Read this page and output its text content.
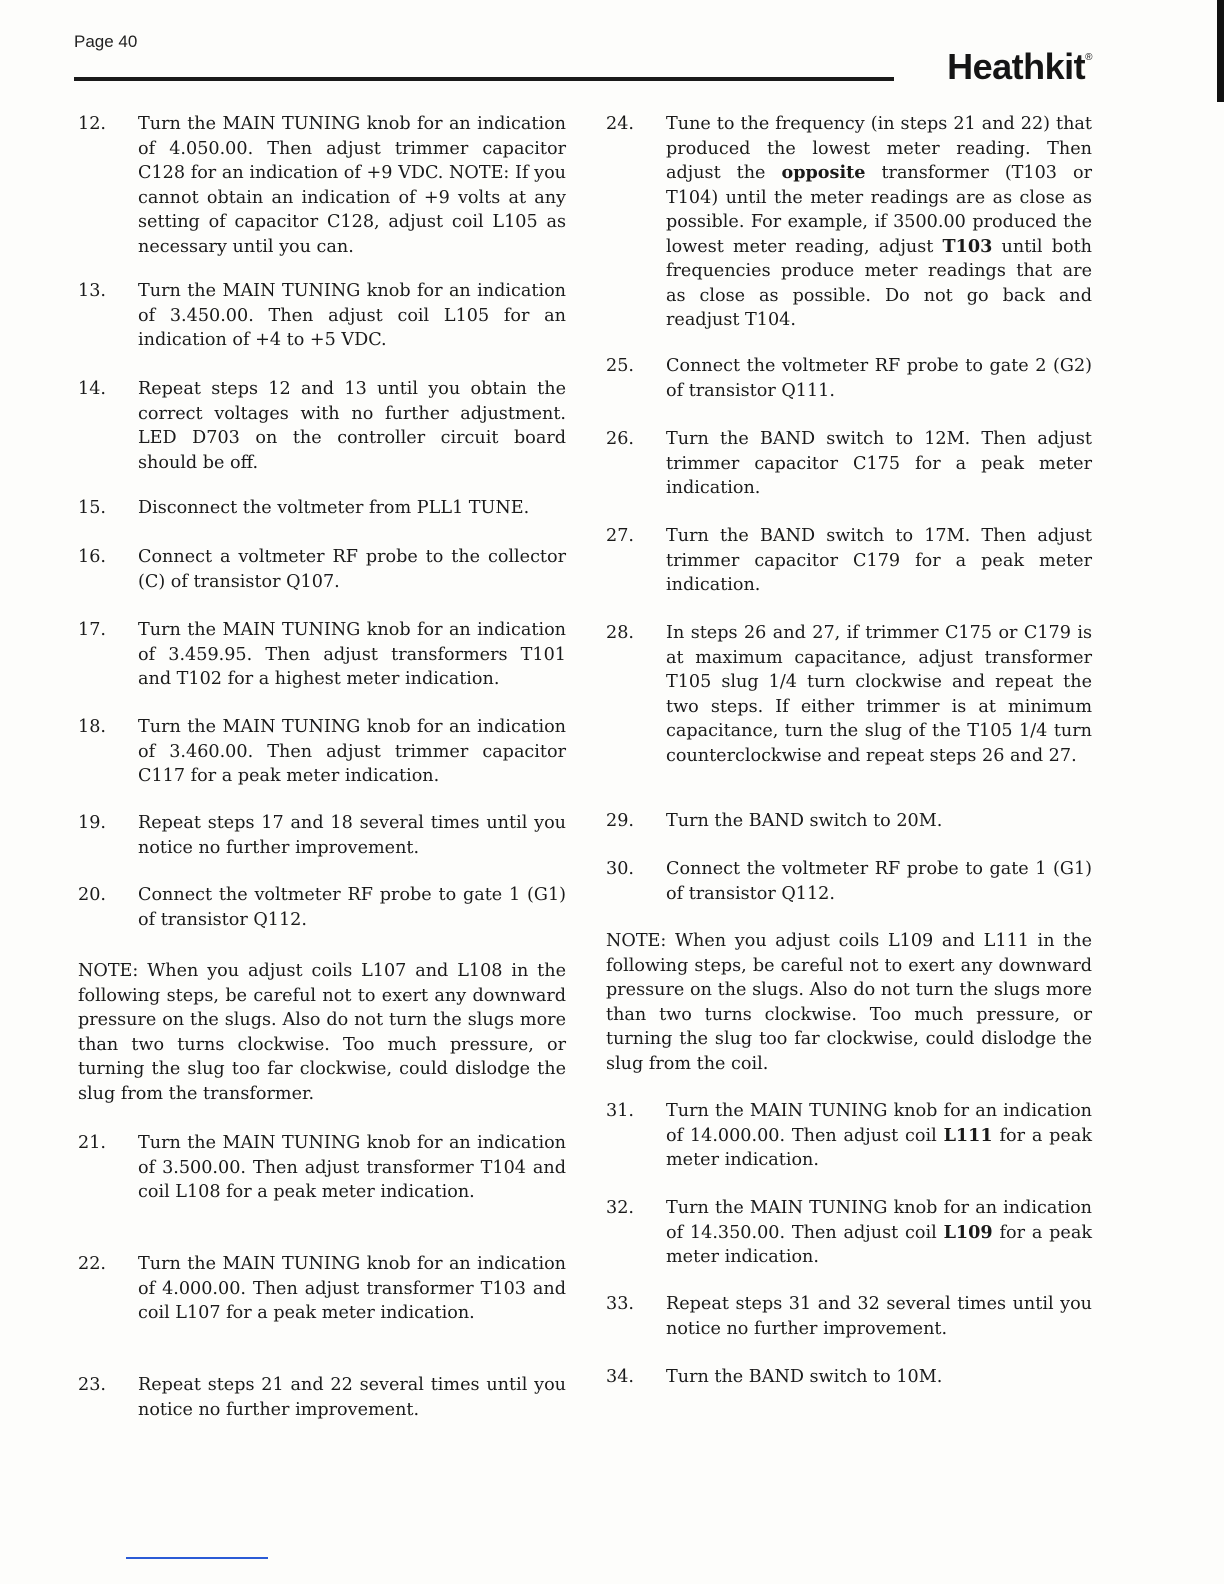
Page 40
Heathkit®
12.	Turn the MAIN TUNING knob for an indication of 4.050.00. Then adjust trimmer capacitor C128 for an indication of +9 VDC. NOTE: If you cannot obtain an indication of +9 volts at any setting of capacitor C128, adjust coil L105 as necessary until you can.
13.	Turn the MAIN TUNING knob for an indication of 3.450.00. Then adjust coil L105 for an indication of +4 to +5 VDC.
14.	Repeat steps 12 and 13 until you obtain the correct voltages with no further adjustment. LED D703 on the controller circuit board should be off.
15.	Disconnect the voltmeter from PLL1 TUNE.
16.	Connect a voltmeter RF probe to the collector (C) of transistor Q107.
17.	Turn the MAIN TUNING knob for an indication of 3.459.95. Then adjust transformers T101 and T102 for a highest meter indication.
18.	Turn the MAIN TUNING knob for an indication of 3.460.00. Then adjust trimmer capacitor C117 for a peak meter indication.
19.	Repeat steps 17 and 18 several times until you notice no further improvement.
20.	Connect the voltmeter RF probe to gate 1 (G1) of transistor Q112.
NOTE: When you adjust coils L107 and L108 in the following steps, be careful not to exert any downward pressure on the slugs. Also do not turn the slugs more than two turns clockwise. Too much pressure, or turning the slug too far clockwise, could dislodge the slug from the transformer.
21.	Turn the MAIN TUNING knob for an indication of 3.500.00. Then adjust transformer T104 and coil L108 for a peak meter indication.
22.	Turn the MAIN TUNING knob for an indication of 4.000.00. Then adjust transformer T103 and coil L107 for a peak meter indication.
23.	Repeat steps 21 and 22 several times until you notice no further improvement.
24.	Tune to the frequency (in steps 21 and 22) that produced the lowest meter reading. Then adjust the opposite transformer (T103 or T104) until the meter readings are as close as possible. For example, if 3500.00 produced the lowest meter reading, adjust T103 until both frequencies produce meter readings that are as close as possible. Do not go back and readjust T104.
25.	Connect the voltmeter RF probe to gate 2 (G2) of transistor Q111.
26.	Turn the BAND switch to 12M. Then adjust trimmer capacitor C175 for a peak meter indication.
27.	Turn the BAND switch to 17M. Then adjust trimmer capacitor C179 for a peak meter indication.
28.	In steps 26 and 27, if trimmer C175 or C179 is at maximum capacitance, adjust transformer T105 slug 1/4 turn clockwise and repeat the two steps. If either trimmer is at minimum capacitance, turn the slug of the T105 1/4 turn counterclockwise and repeat steps 26 and 27.
29.	Turn the BAND switch to 20M.
30.	Connect the voltmeter RF probe to gate 1 (G1) of transistor Q112.
NOTE: When you adjust coils L109 and L111 in the following steps, be careful not to exert any downward pressure on the slugs. Also do not turn the slugs more than two turns clockwise. Too much pressure, or turning the slug too far clockwise, could dislodge the slug from the coil.
31.	Turn the MAIN TUNING knob for an indication of 14.000.00. Then adjust coil L111 for a peak meter indication.
32.	Turn the MAIN TUNING knob for an indication of 14.350.00. Then adjust coil L109 for a peak meter indication.
33.	Repeat steps 31 and 32 several times until you notice no further improvement.
34.	Turn the BAND switch to 10M.
